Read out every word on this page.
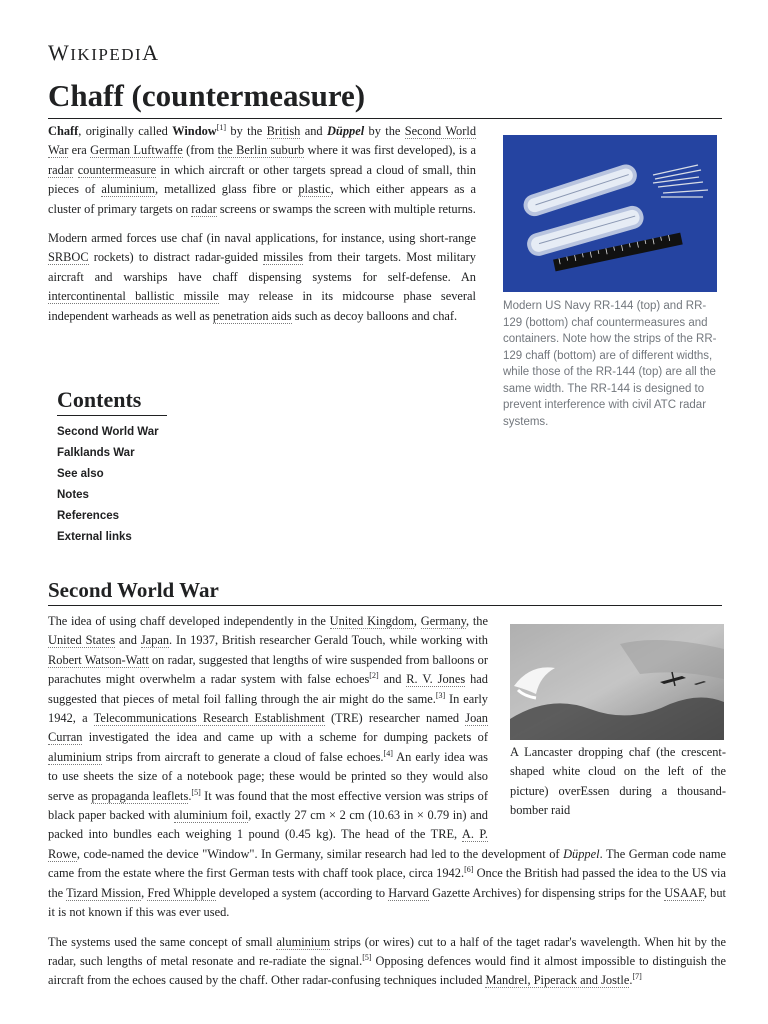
WIKIPEDIA
Chaff (countermeasure)

Chaff, originally called Window[1] by the British and Düppel by the Second World War era German Luftwaffe (from the Berlin suburb where it was first developed), is a radar countermeasure in which aircraft or other targets spread a cloud of small, thin pieces of aluminium, metallized glass fibre or plastic, which either appears as a cluster of primary targets on radar screens or swamps the screen with multiple returns.

Modern armed forces use chaf (in naval applications, for instance, using short-range SRBOC rockets) to distract radar-guided missiles from their targets. Most military aircraft and warships have chaff dispensing systems for self-defense. An intercontinental ballistic missile may release in its midcourse phase several independent warheads as well as penetration aids such as decoy balloons and chaf.

Modern US Navy RR-144 (top) and RR-129 (bottom) chaf countermeasures and containers. Note how the strips of the RR-129 chaff (bottom) are of different widths, while those of the RR-144 (top) are all the same width. The RR-144 is designed to prevent interference with civil ATC radar systems.
Contents
Second World War
Falklands War
See also
Notes
References
External links
Second World War
A Lancaster dropping chaf (the crescent-shaped white cloud on the left of the picture) overEssen during a thousand-bomber raid

The idea of using chaff developed independently in the United Kingdom, Germany, the United States and Japan. In 1937, British researcher Gerald Touch, while working with Robert Watson-Watt on radar, suggested that lengths of wire suspended from balloons or parachutes might overwhelm a radar system with false echoes[2] and R. V. Jones had suggested that pieces of metal foil falling through the air might do the same.[3] In early 1942, a Telecommunications Research Establishment (TRE) researcher named Joan Curran investigated the idea and came up with a scheme for dumping packets of aluminium strips from aircraft to generate a cloud of false echoes.[4] An early idea was to use sheets the size of a notebook page; these would be printed so they would also serve as propaganda leaflets.[5] It was found that the most effective version was strips of black paper backed with aluminium foil, exactly 27 cm × 2 cm (10.63 in × 0.79 in) and packed into bundles each weighing 1 pound (0.45 kg). The head of the TRE, A. P. Rowe, code-named the device "Window". In Germany, similar research had led to the development of Düppel. The German code name came from the estate where the first German tests with chaff took place, circa 1942.[6] Once the British had passed the idea to the US via the Tizard Mission, Fred Whipple developed a system (according to Harvard Gazette Archives) for dispensing strips for the USAAF, but it is not known if this was ever used.

The systems used the same concept of small aluminium strips (or wires) cut to a half of the taget radar's wavelength. When hit by the radar, such lengths of metal resonate and re-radiate the signal.[5] Opposing defences would find it almost impossible to distinguish the aircraft from the echoes caused by the chaff. Other radar-confusing techniques included Mandrel, Piperack and Jostle.[7]
